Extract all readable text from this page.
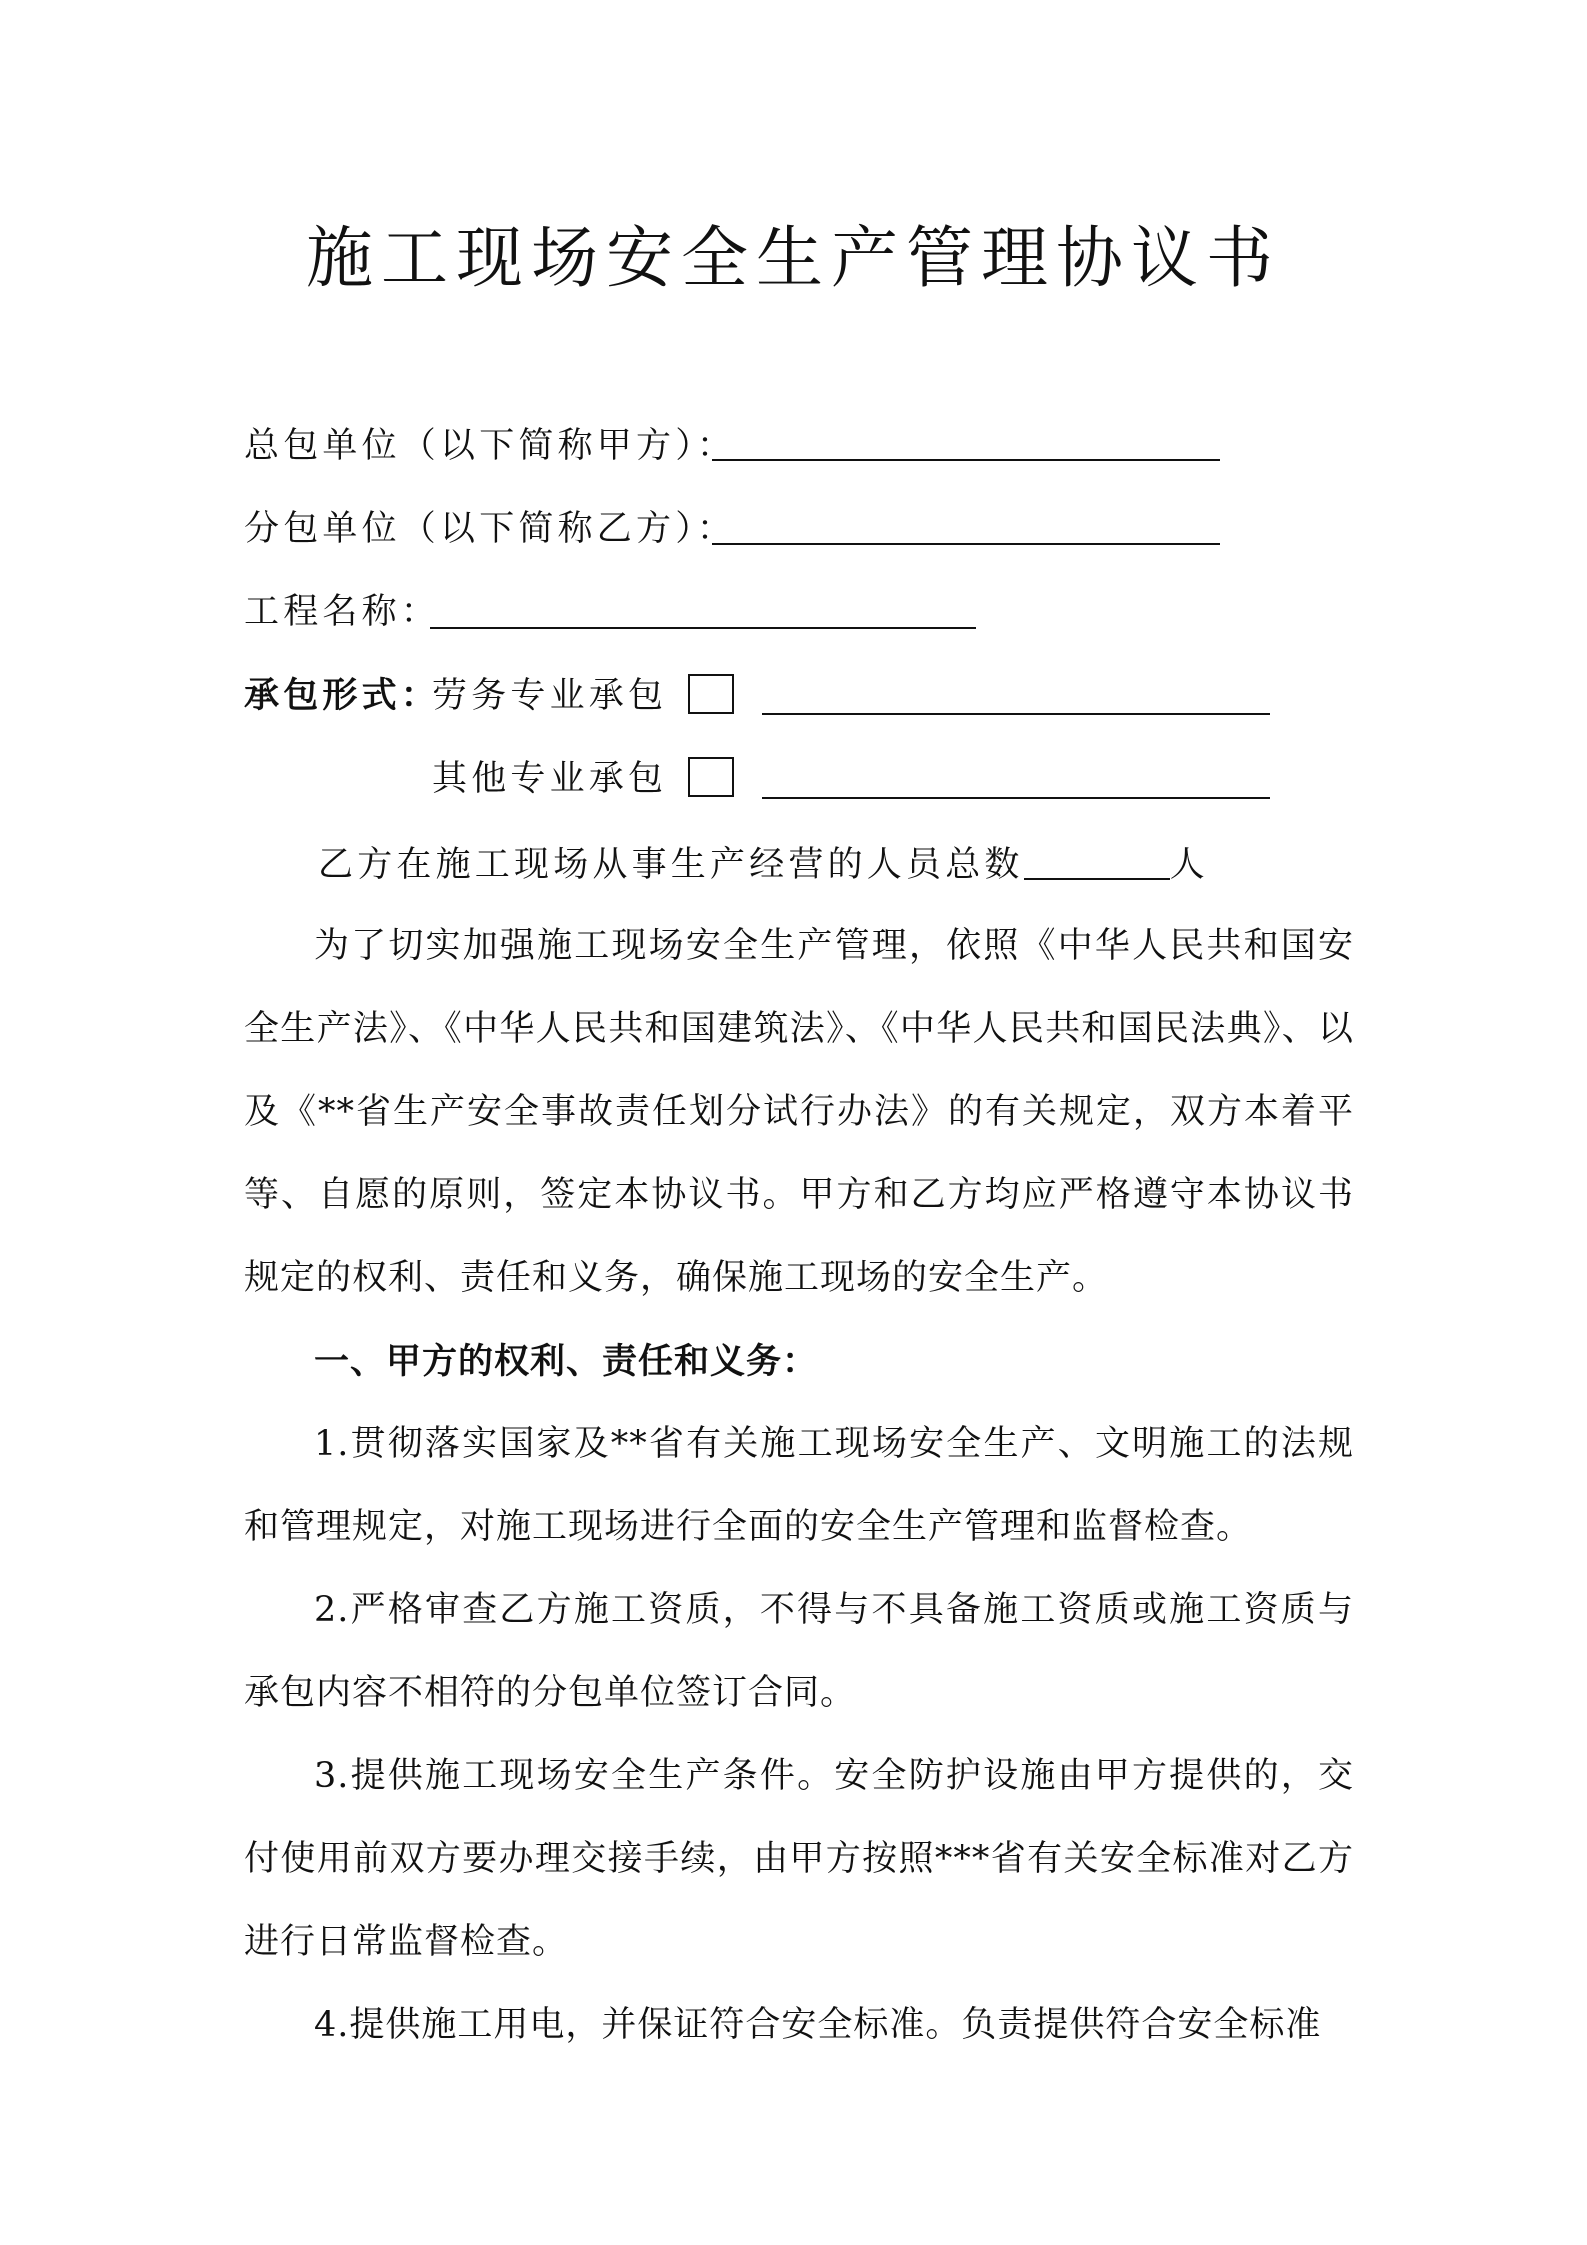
施工现场安全生产管理协议书
总包单位（以下简称甲方）：
分包单位（以下简称乙方）：
工程名称：
承包形式：
劳务专业承包
其他专业承包
乙方在施工现场从事生产经营的人员总数	人

为了切实加强施工现场安全生产管理，依照《中华人民共和国安全生产法》、《中华人民共和国建筑法》、《中华人民共和国民法典》、以及《**省生产安全事故责任划分试行办法》的有关规定，双方本着平等、自愿的原则，签定本协议书。甲方和乙方均应严格遵守本协议书规定的权利、责任和义务，确保施工现场的安全生产。

一、甲方的权利、责任和义务：

1.贯彻落实国家及**省有关施工现场安全生产、文明施工的法规和管理规定，对施工现场进行全面的安全生产管理和监督检查。

2.严格审查乙方施工资质，不得与不具备施工资质或施工资质与承包内容不相符的分包单位签订合同。

3.提供施工现场安全生产条件。安全防护设施由甲方提供的，交付使用前双方要办理交接手续，由甲方按照***省有关安全标准对乙方进行日常监督检查。

4.提供施工用电，并保证符合安全标准。负责提供符合安全标准
